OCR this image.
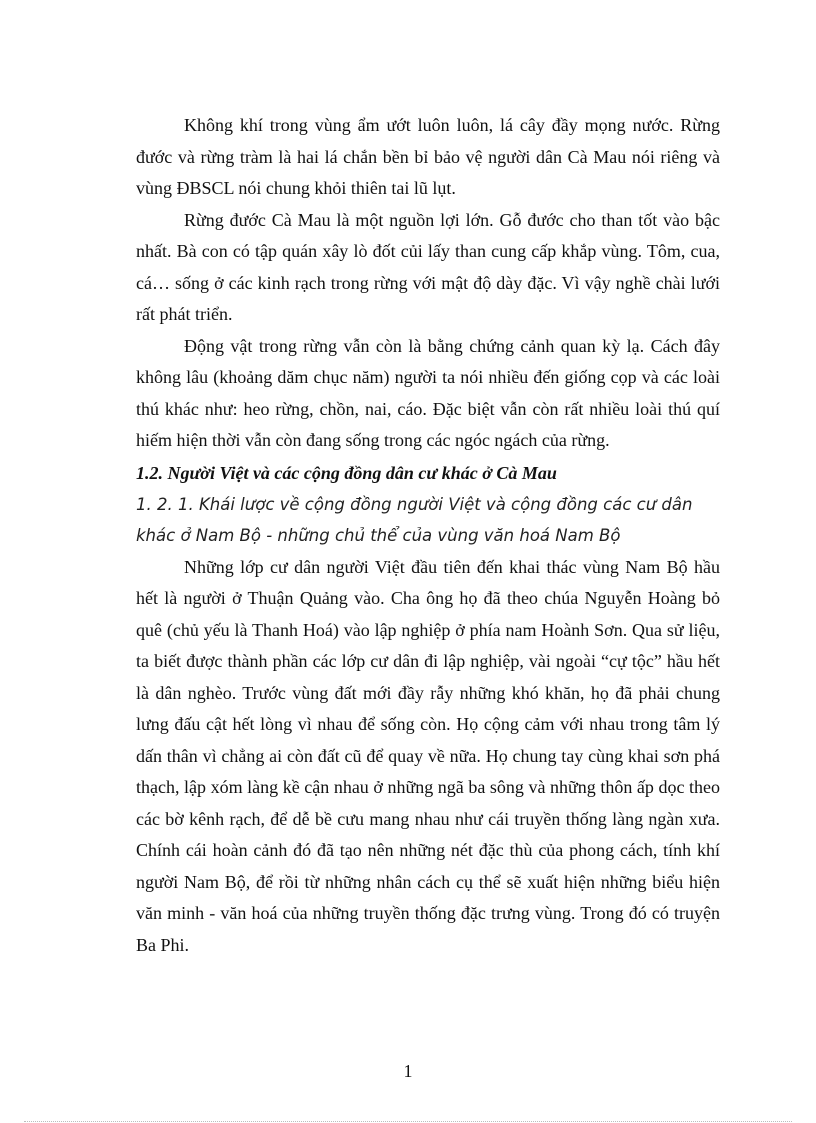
Không khí trong vùng ẩm ướt luôn luôn, lá cây đầy mọng nước. Rừng đước và rừng tràm là hai lá chắn bền bỉ bảo vệ người dân Cà Mau nói riêng và vùng ĐBSCL nói chung khỏi thiên tai lũ lụt.

Rừng đước Cà Mau là một nguồn lợi lớn. Gỗ đước cho than tốt vào bậc nhất. Bà con có tập quán xây lò đốt củi lấy than cung cấp khắp vùng. Tôm, cua, cá… sống ở các kinh rạch trong rừng với mật độ dày đặc. Vì vậy nghề chài lưới rất phát triển.

Động vật trong rừng vẫn còn là bằng chứng cảnh quan kỳ lạ. Cách đây không lâu (khoảng dăm chục năm) người ta nói nhiều đến giống cọp và các loài thú khác như: heo rừng, chồn, nai, cáo. Đặc biệt vẫn còn rất nhiều loài thú quí hiếm hiện thời vẫn còn đang sống trong các ngóc ngách của rừng.

1.2. Người Việt và các cộng đồng dân cư khác ở Cà Mau
1. 2. 1. Khái lược về cộng đồng người Việt và cộng đồng các cư dân khác ở Nam Bộ - những chủ thể của vùng văn hoá Nam Bộ

Những lớp cư dân người Việt đầu tiên đến khai thác vùng Nam Bộ hầu hết là người ở Thuận Quảng vào. Cha ông họ đã theo chúa Nguyễn Hoàng bỏ quê (chủ yếu là Thanh Hoá) vào lập nghiệp ở phía nam Hoành Sơn. Qua sử liệu, ta biết được thành phần các lớp cư dân đi lập nghiệp, vài ngoài “cự tộc” hầu hết là dân nghèo. Trước vùng đất mới đầy rẫy những khó khăn, họ đã phải chung lưng đấu cật hết lòng vì nhau để sống còn. Họ cộng cảm với nhau trong tâm lý dấn thân vì chẳng ai còn đất cũ để quay về nữa. Họ chung tay cùng khai sơn phá thạch, lập xóm làng kề cận nhau ở những ngã ba sông và những thôn ấp dọc theo các bờ kênh rạch, để dễ bề cưu mang nhau như cái truyền thống làng ngàn xưa. Chính cái hoàn cảnh đó đã tạo nên những nét đặc thù của phong cách, tính khí người Nam Bộ, để rồi từ những nhân cách cụ thể sẽ xuất hiện những biểu hiện văn minh - văn hoá của những truyền thống đặc trưng vùng. Trong đó có truyện Ba Phi.

1
